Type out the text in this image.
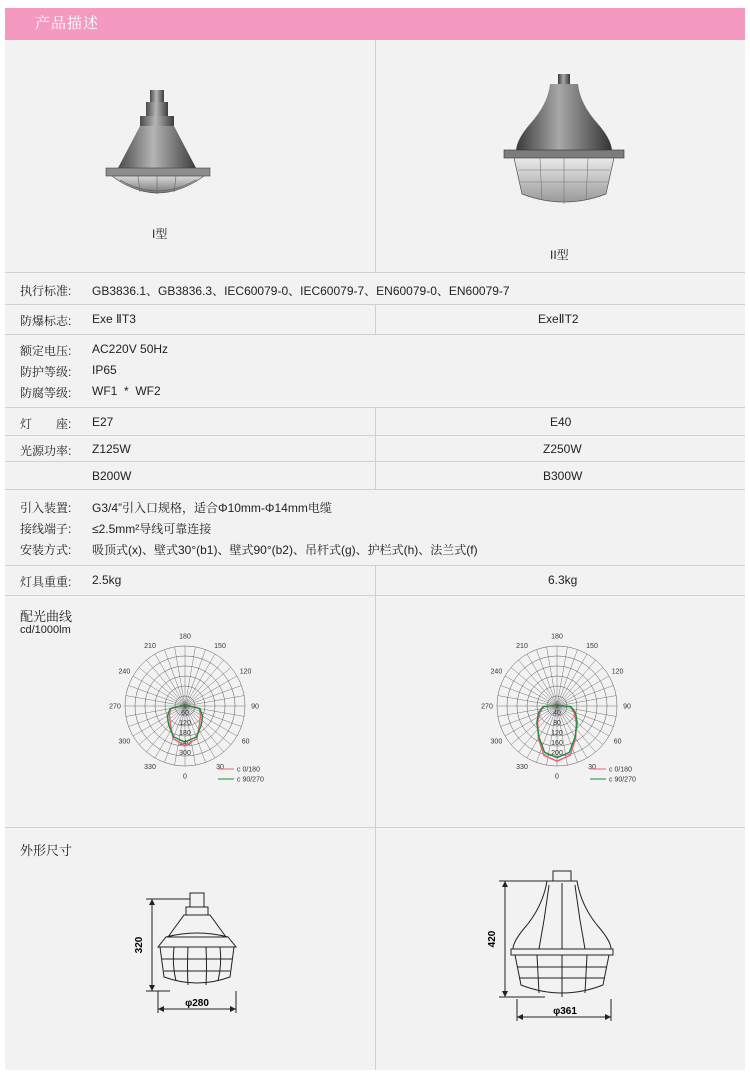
产品描述
I型
II型
执行标准: GB3836.1、GB3836.3、IEC60079-0、IEC60079-7、EN60079-0、EN60079-7
防爆标志: Exe ⅡT3	ExeⅡT2
额定电压: AC220V 50Hz
防护等级: IP65
防腐等级: WF1  *  WF2
灯　　座: E27	E40
光源功率: Z125W	Z250W
B200W	B300W
引入装置: G3/4”引入口规格，适合Φ10mm-Φ14mm电缆
接线端子: ≤2.5mm²导线可靠连接
安装方式: 吸顶式(x)、壁式30°(b1)、壁式90°(b2)、吊杆式(g)、护栏式(h)、法兰式(f)
灯具重重: 2.5kg	6.3kg
配光曲线
cd/1000lm
180
150
120
90
60
30
0
330
300
270
240
210
60
120
180
240
300
c 0/180
c 90/270
180
150
120
90
60
30
0
330
300
270
240
210
40
80
120
160
200
c 0/180
c 90/270
外形尺寸
320
φ280
420
φ361
